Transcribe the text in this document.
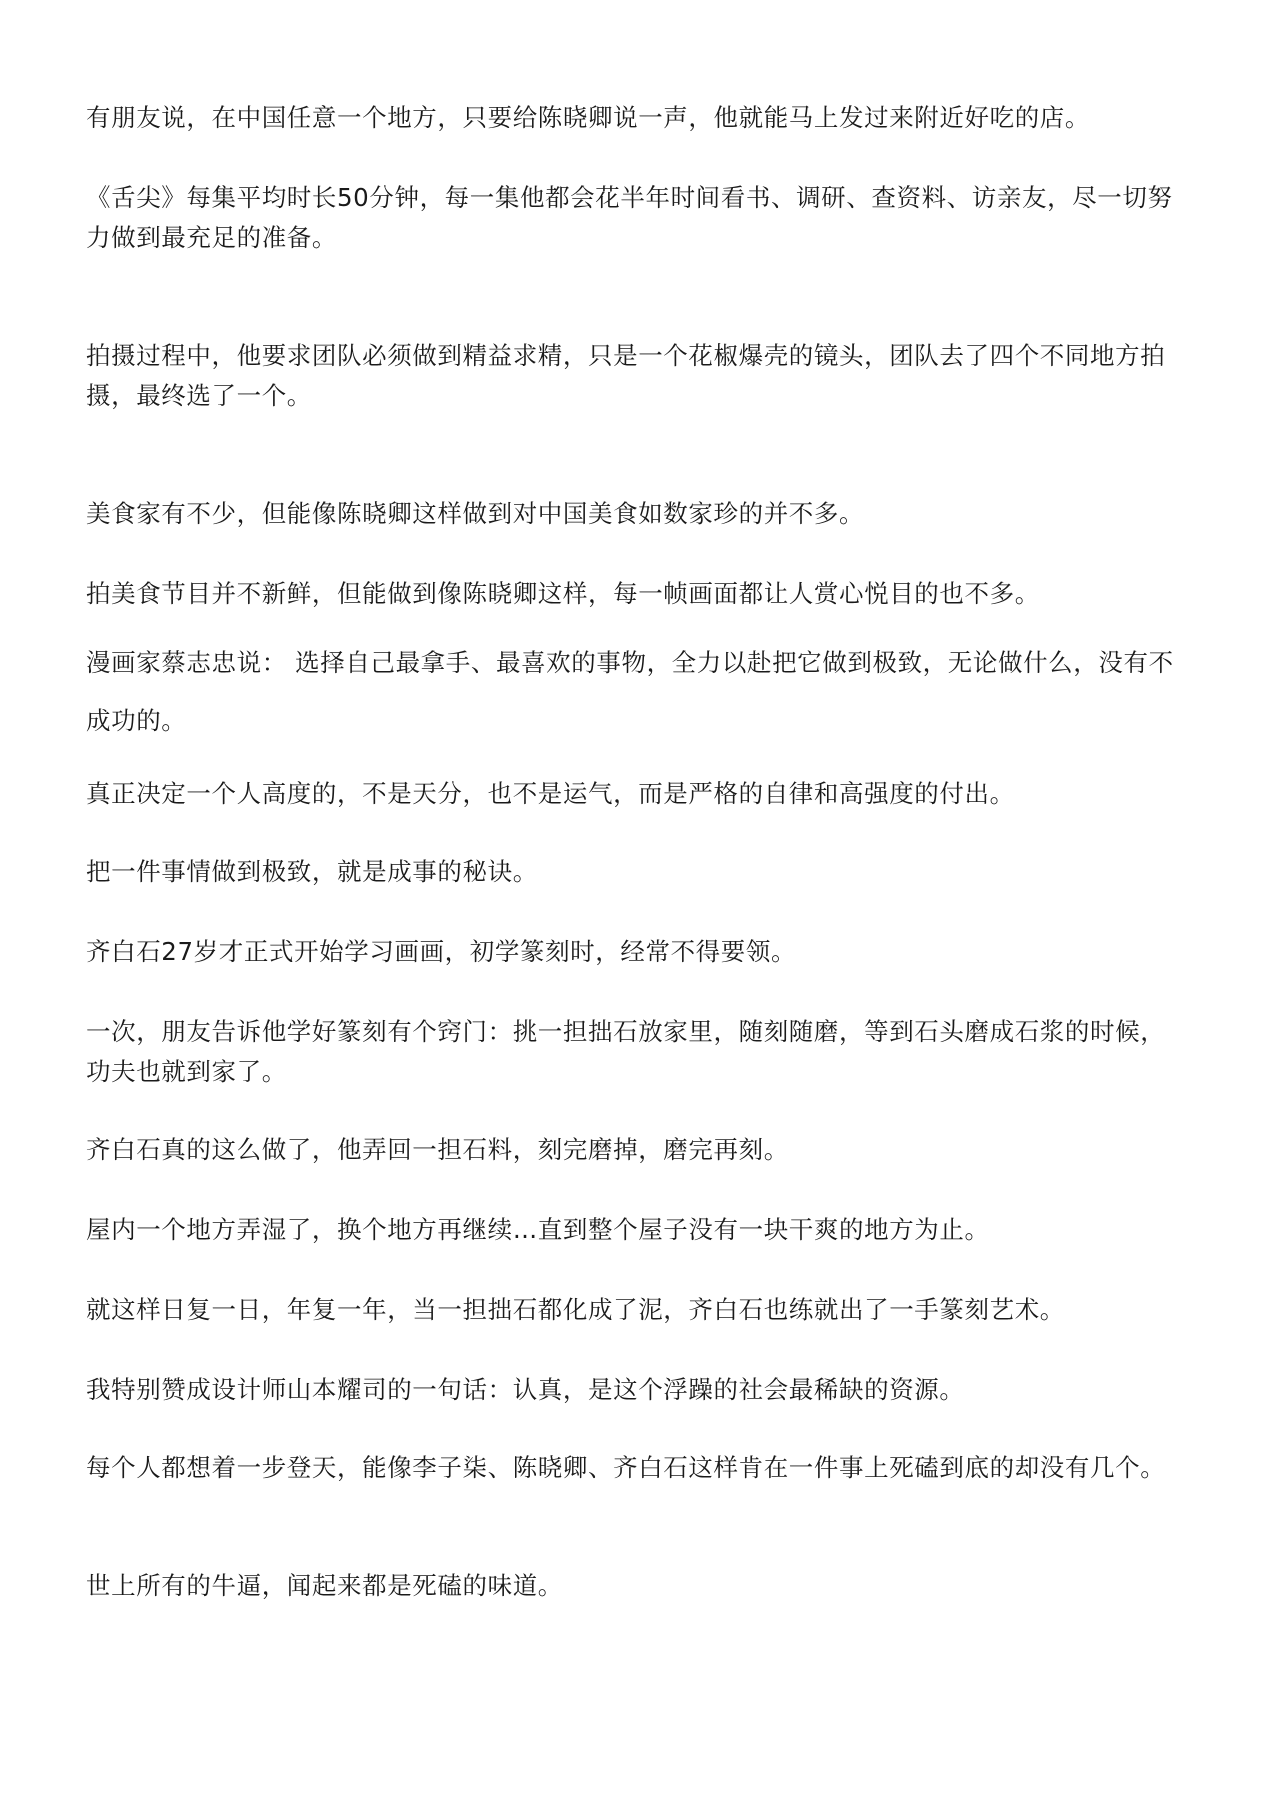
有朋友说，在中国任意一个地方，只要给陈晓卿说一声，他就能马上发过来附近好吃的店。
《舌尖》每集平均时长50分钟，每一集他都会花半年时间看书、调研、查资料、访亲友，尽一切努力做到最充足的准备。
拍摄过程中，他要求团队必须做到精益求精，只是一个花椒爆壳的镜头，团队去了四个不同地方拍摄，最终选了一个。
美食家有不少，但能像陈晓卿这样做到对中国美食如数家珍的并不多。
拍美食节目并不新鲜，但能做到像陈晓卿这样，每一帧画面都让人赏心悦目的也不多。
漫画家蔡志忠说： 选择自己最拿手、最喜欢的事物，全力以赴把它做到极致，无论做什么，没有不成功的。
真正决定一个人高度的，不是天分，也不是运气，而是严格的自律和高强度的付出。
把一件事情做到极致，就是成事的秘诀。
齐白石27岁才正式开始学习画画，初学篆刻时，经常不得要领。
一次，朋友告诉他学好篆刻有个窍门：挑一担拙石放家里，随刻随磨，等到石头磨成石浆的时候，功夫也就到家了。
齐白石真的这么做了，他弄回一担石料，刻完磨掉，磨完再刻。
屋内一个地方弄湿了，换个地方再继续…直到整个屋子没有一块干爽的地方为止。
就这样日复一日，年复一年，当一担拙石都化成了泥，齐白石也练就出了一手篆刻艺术。
我特别赞成设计师山本耀司的一句话：认真，是这个浮躁的社会最稀缺的资源。
每个人都想着一步登天，能像李子柒、陈晓卿、齐白石这样肯在一件事上死磕到底的却没有几个。
世上所有的牛逼，闻起来都是死磕的味道。
